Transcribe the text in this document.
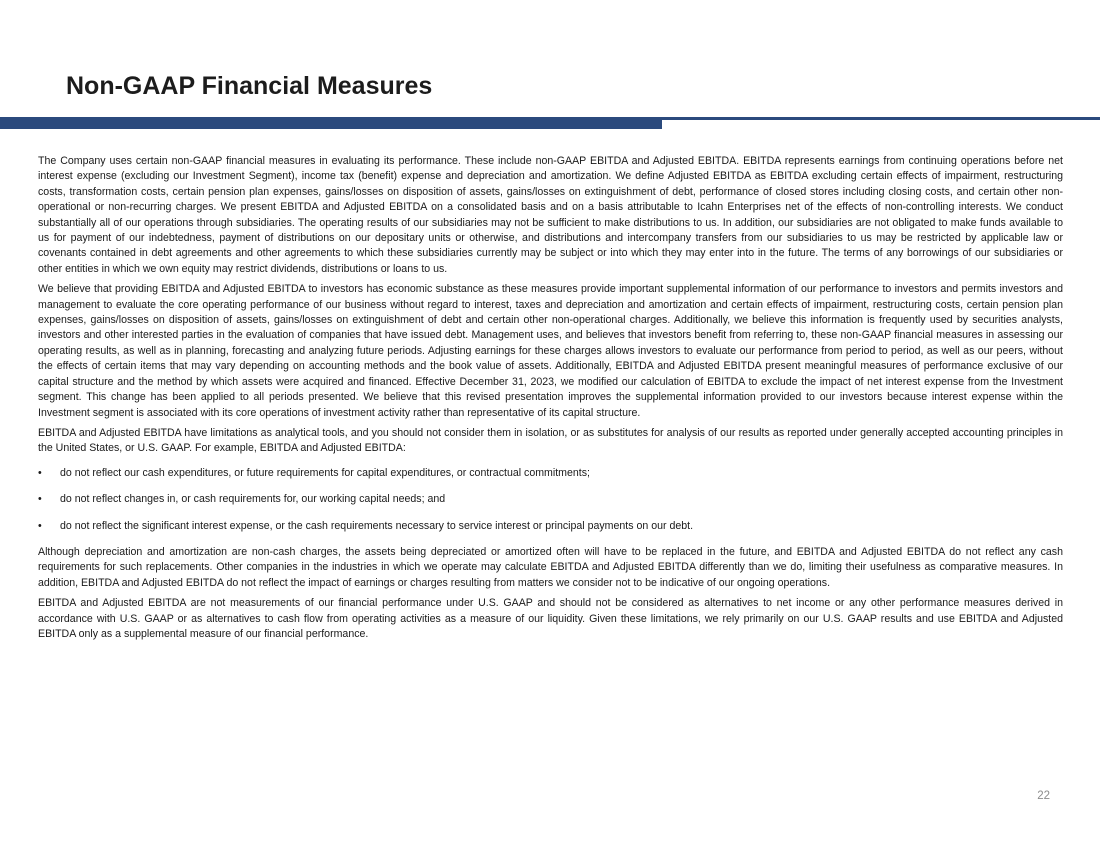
Non-GAAP Financial Measures

The Company uses certain non-GAAP financial measures in evaluating its performance. These include non-GAAP EBITDA and Adjusted EBITDA. EBITDA represents earnings from continuing operations before net interest expense (excluding our Investment Segment), income tax (benefit) expense and depreciation and amortization. We define Adjusted EBITDA as EBITDA excluding certain effects of impairment, restructuring costs, transformation costs, certain pension plan expenses, gains/losses on disposition of assets, gains/losses on extinguishment of debt, performance of closed stores including closing costs, and certain other non-operational or non-recurring charges. We present EBITDA and Adjusted EBITDA on a consolidated basis and on a basis attributable to Icahn Enterprises net of the effects of non-controlling interests. We conduct substantially all of our operations through subsidiaries. The operating results of our subsidiaries may not be sufficient to make distributions to us. In addition, our subsidiaries are not obligated to make funds available to us for payment of our indebtedness, payment of distributions on our depositary units or otherwise, and distributions and intercompany transfers from our subsidiaries to us may be restricted by applicable law or covenants contained in debt agreements and other agreements to which these subsidiaries currently may be subject or into which they may enter into in the future. The terms of any borrowings of our subsidiaries or other entities in which we own equity may restrict dividends, distributions or loans to us.

We believe that providing EBITDA and Adjusted EBITDA to investors has economic substance as these measures provide important supplemental information of our performance to investors and permits investors and management to evaluate the core operating performance of our business without regard to interest, taxes and depreciation and amortization and certain effects of impairment, restructuring costs, certain pension plan expenses, gains/losses on disposition of assets, gains/losses on extinguishment of debt and certain other non-operational charges. Additionally, we believe this information is frequently used by securities analysts, investors and other interested parties in the evaluation of companies that have issued debt. Management uses, and believes that investors benefit from referring to, these non-GAAP financial measures in assessing our operating results, as well as in planning, forecasting and analyzing future periods. Adjusting earnings for these charges allows investors to evaluate our performance from period to period, as well as our peers, without the effects of certain items that may vary depending on accounting methods and the book value of assets. Additionally, EBITDA and Adjusted EBITDA present meaningful measures of performance exclusive of our capital structure and the method by which assets were acquired and financed. Effective December 31, 2023, we modified our calculation of EBITDA to exclude the impact of net interest expense from the Investment segment. This change has been applied to all periods presented. We believe that this revised presentation improves the supplemental information provided to our investors because interest expense within the Investment segment is associated with its core operations of investment activity rather than representative of its capital structure.

EBITDA and Adjusted EBITDA have limitations as analytical tools, and you should not consider them in isolation, or as substitutes for analysis of our results as reported under generally accepted accounting principles in the United States, or U.S. GAAP. For example, EBITDA and Adjusted EBITDA:

•	do not reflect our cash expenditures, or future requirements for capital expenditures, or contractual commitments;
•	do not reflect changes in, or cash requirements for, our working capital needs; and
•	do not reflect the significant interest expense, or the cash requirements necessary to service interest or principal payments on our debt.

Although depreciation and amortization are non-cash charges, the assets being depreciated or amortized often will have to be replaced in the future, and EBITDA and Adjusted EBITDA do not reflect any cash requirements for such replacements. Other companies in the industries in which we operate may calculate EBITDA and Adjusted EBITDA differently than we do, limiting their usefulness as comparative measures. In addition, EBITDA and Adjusted EBITDA do not reflect the impact of earnings or charges resulting from matters we consider not to be indicative of our ongoing operations.

EBITDA and Adjusted EBITDA are not measurements of our financial performance under U.S. GAAP and should not be considered as alternatives to net income or any other performance measures derived in accordance with U.S. GAAP or as alternatives to cash flow from operating activities as a measure of our liquidity. Given these limitations, we rely primarily on our U.S. GAAP results and use EBITDA and Adjusted EBITDA only as a supplemental measure of our financial performance.

22
